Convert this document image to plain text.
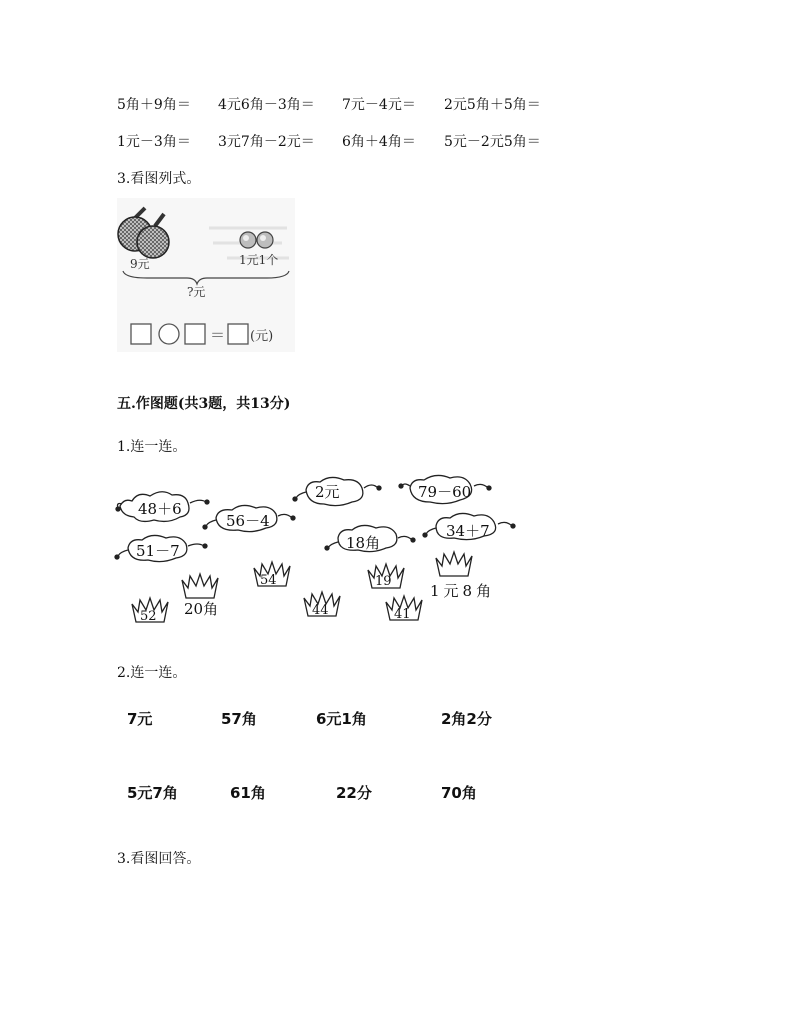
5角＋9角＝ 4元6角－3角＝ 7元－4元＝ 2元5角＋5角＝
1元－3角＝ 3元7角－2元＝ 6角＋4角＝ 5元－2元5角＝
3.看图列式。
9元	1元1个
?元
＝ (元)
五.作图题(共3题，共13分)
1.连一连。
48＋6
2元	79－60
56－4
34＋7
51－7	18角
54	19
52	44	41
20角
1元8角
2.连一连。
7元	57角	6元1角	2角2分
5元7角	61角	22分	70角
3.看图回答。
